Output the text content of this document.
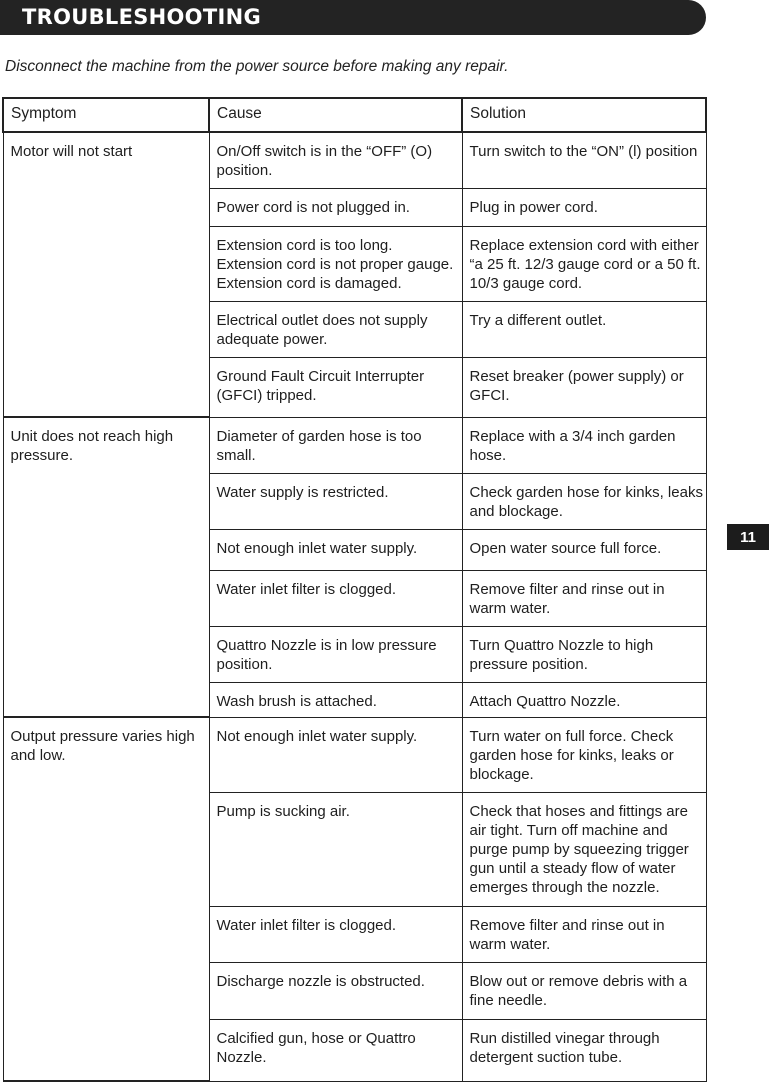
TROUBLESHOOTING
Disconnect the machine from the power source before making any repair.
Symptom	Cause	Solution
Motor will not start	On/Off switch is in the “OFF” (O) position.	Turn switch to the “ON” (l) position
	Power cord is not plugged in.	Plug in power cord.
	Extension cord is too long. Extension cord is not proper gauge. Extension cord is damaged.	Replace extension cord with either “a 25 ft. 12/3 gauge cord or a 50 ft. 10/3 gauge cord.
	Electrical outlet does not supply adequate power.	Try a different outlet.
	Ground Fault Circuit Interrupter (GFCI) tripped.	Reset breaker (power supply) or GFCI.
Unit does not reach high pressure.	Diameter of garden hose is too small.	Replace with a 3/4 inch garden hose.
	Water supply is restricted.	Check garden hose for kinks, leaks and blockage.
	Not enough inlet water supply.	Open water source full force.
	Water inlet filter is clogged.	Remove filter and rinse out in warm water.
	Quattro Nozzle is in low pressure position.	Turn Quattro Nozzle to high pressure position.
	Wash brush is attached.	Attach Quattro Nozzle.
Output pressure varies high and low.	Not enough inlet water supply.	Turn water on full force. Check garden hose for kinks, leaks or blockage.
	Pump is sucking air.	Check that hoses and fittings are air tight. Turn off machine and purge pump by squeezing trigger gun until a steady flow of water emerges through the nozzle.
	Water inlet filter is clogged.	Remove filter and rinse out in warm water.
	Discharge nozzle is obstructed.	Blow out or remove debris with a fine needle.
	Calcified gun, hose or Quattro Nozzle.	Run distilled vinegar through detergent suction tube.
11
